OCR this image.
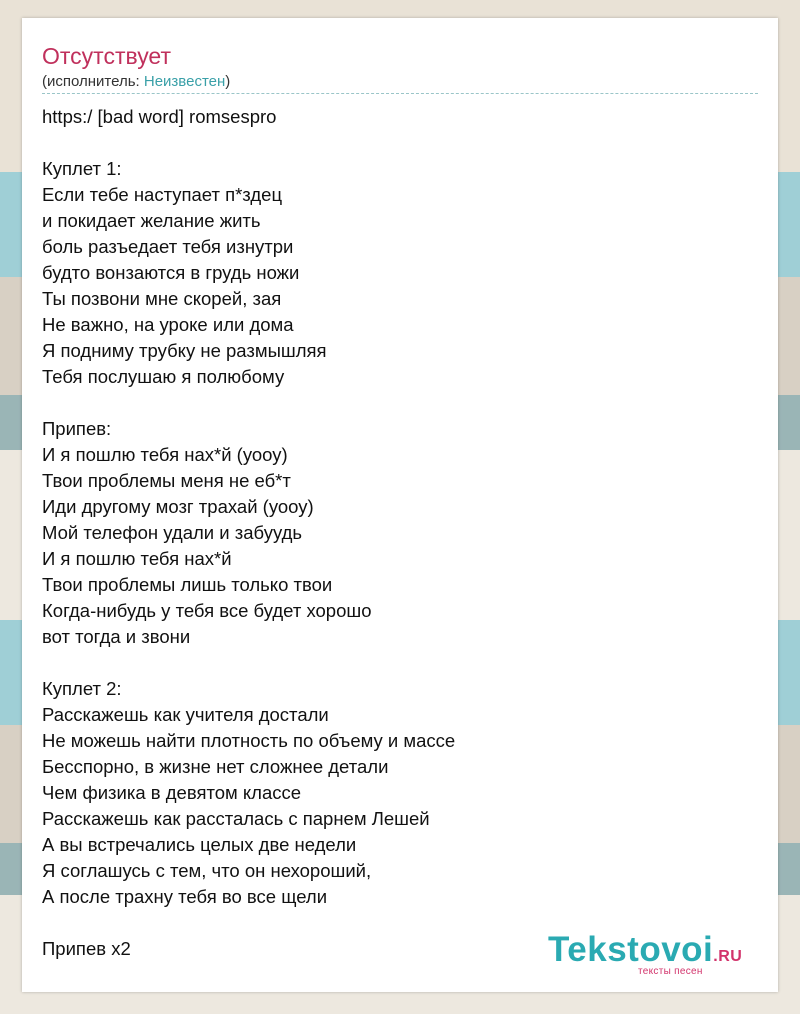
Отсутствует
(исполнитель: Неизвестен)
https:/ [bad word] romsespro
Куплет 1:
Если тебе наступает п*здец
и покидает желание жить
боль разъедает тебя изнутри
будто вонзаются в грудь ножи
Ты позвони мне скорей, зая
Не важно, на уроке или дома
Я подниму трубку не размышляя
Тебя послушаю я полюбому
Припев:
И я пошлю тебя нах*й (уооу)
Твои проблемы меня не еб*т
Иди другому мозг трахай (уооу)
Мой телефон удали и забуудь
И я пошлю тебя нах*й
Твои проблемы лишь только твои
Когда-нибудь у тебя все будет хорошо
вот тогда и звони
Куплет 2:
Расскажешь как учителя достали
Не можешь найти плотность по объему и массе
Бесспорно, в жизне нет сложнее детали
Чем физика в девятом классе
Расскажешь как рассталась с парнем Лешей
А вы встречались целых две недели
Я соглашусь с тем, что он нехороший,
А после трахну тебя во все щели
Припев х2	Tekstovoi.RU
тексты песен
